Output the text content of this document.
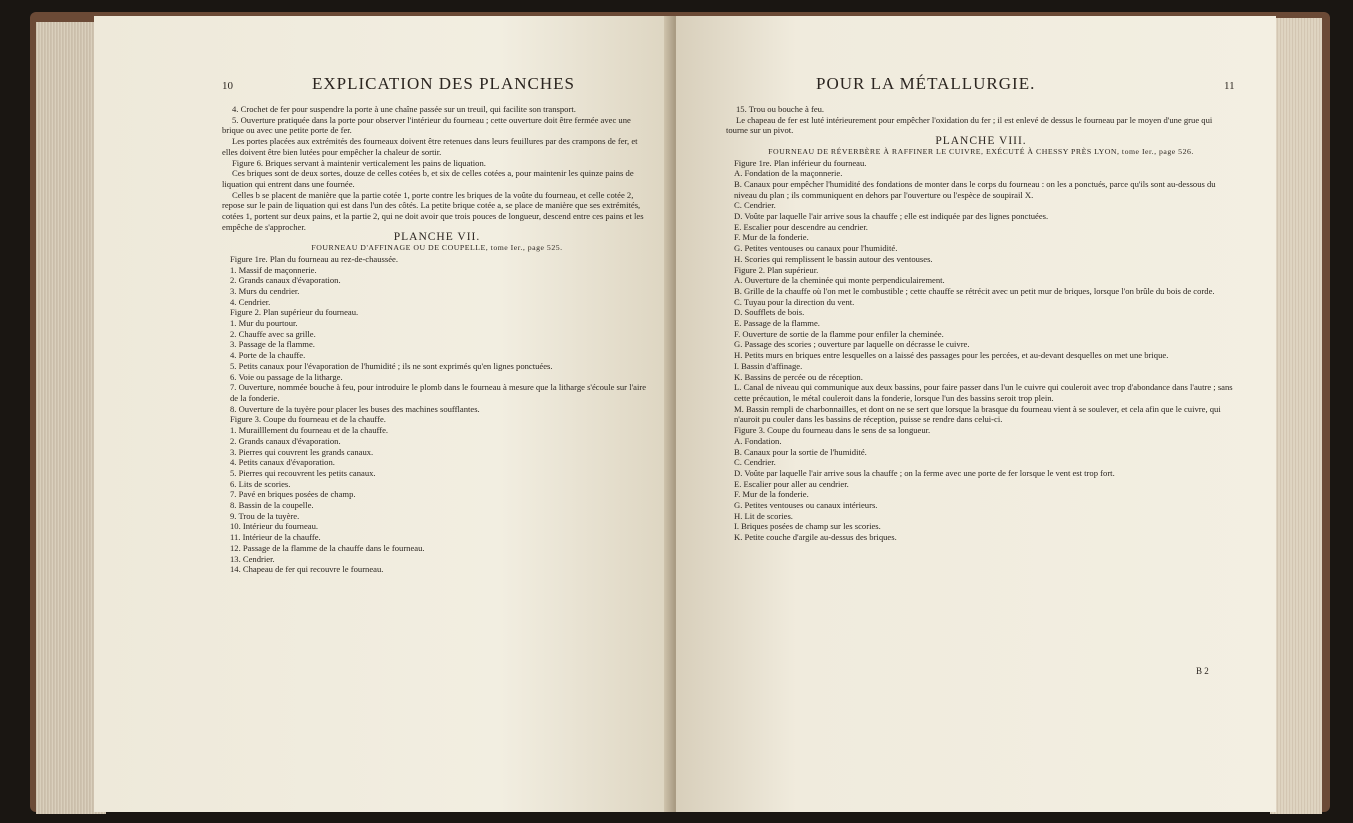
10	EXPLICATION DES PLANCHES

4. Crochet de fer pour suspendre la porte à une chaîne passée sur un treuil, qui facilite son transport.

5. Ouverture pratiquée dans la porte pour observer l'intérieur du fourneau ; cette ouverture doit être fermée avec une brique ou avec une petite porte de fer.

Les portes placées aux extrémités des fourneaux doivent être retenues dans leurs feuillures par des crampons de fer, et elles doivent être bien lutées pour empêcher la chaleur de sortir.

Figure 6. Briques servant à maintenir verticalement les pains de liquation.

Ces briques sont de deux sortes, douze de celles cotées b, et six de celles cotées a, pour maintenir les quinze pains de liquation qui entrent dans une fournée.

Celles b se placent de manière que la partie cotée 1, porte contre les briques de la voûte du fourneau, et celle cotée 2, repose sur le pain de liquation qui est dans l'un des côtés. La petite brique cotée a, se place de manière que ses extrémités, cotées 1, portent sur deux pains, et la partie 2, qui ne doit avoir que trois pouces de longueur, descend entre ces pains et les empêche de s'approcher.

PLANCHE VII.

FOURNEAU D'AFFINAGE OU DE COUPELLE, tome Ier., page 525.

Figure 1re. Plan du fourneau au rez-de-chaussée.

1. Massif de maçonnerie.

2. Grands canaux d'évaporation.

3. Murs du cendrier.

4. Cendrier.

Figure 2. Plan supérieur du fourneau.

1. Mur du pourtour.

2. Chauffe avec sa grille.

3. Passage de la flamme.

4. Porte de la chauffe.

5. Petits canaux pour l'évaporation de l'humidité ; ils ne sont exprimés qu'en lignes ponctuées.

6. Voie ou passage de la litharge.

7. Ouverture, nommée bouche à feu, pour introduire le plomb dans le fourneau à mesure que la litharge s'écoule sur l'aire de la fonderie.

8. Ouverture de la tuyère pour placer les buses des machines soufflantes.

Figure 3. Coupe du fourneau et de la chauffe.

1. Murailllement du fourneau et de la chauffe.

2. Grands canaux d'évaporation.

3. Pierres qui couvrent les grands canaux.

4. Petits canaux d'évaporation.

5. Pierres qui recouvrent les petits canaux.

6. Lits de scories.

7. Pavé en briques posées de champ.

8. Bassin de la coupelle.

9. Trou de la tuyère.

10. Intérieur du fourneau.

11. Intérieur de la chauffe.

12. Passage de la flamme de la chauffe dans le fourneau.

13. Cendrier.

14. Chapeau de fer qui recouvre le fourneau.

POUR LA MÉTALLURGIE.	11

15. Trou ou bouche à feu.

Le chapeau de fer est luté intérieurement pour empêcher l'oxidation du fer ; il est enlevé de dessus le fourneau par le moyen d'une grue qui tourne sur un pivot.

PLANCHE VIII.

FOURNEAU DE RÉVERBÈRE À RAFFINER LE CUIVRE, EXÉCUTÉ À CHESSY PRÈS LYON, tome Ier., page 526.

Figure 1re. Plan inférieur du fourneau.

A. Fondation de la maçonnerie.

B. Canaux pour empêcher l'humidité des fondations de monter dans le corps du fourneau : on les a ponctués, parce qu'ils sont au-dessous du niveau du plan ; ils communiquent en dehors par l'ouverture ou l'espèce de soupirail X.

C. Cendrier.

D. Voûte par laquelle l'air arrive sous la chauffe ; elle est indiquée par des lignes ponctuées.

E. Escalier pour descendre au cendrier.

F. Mur de la fonderie.

G. Petites ventouses ou canaux pour l'humidité.

H. Scories qui remplissent le bassin autour des ventouses.

Figure 2. Plan supérieur.

A. Ouverture de la cheminée qui monte perpendiculairement.

B. Grille de la chauffe où l'on met le combustible ; cette chauffe se rétrécit avec un petit mur de briques, lorsque l'on brûle du bois de corde.

C. Tuyau pour la direction du vent.

D. Soufflets de bois.

E. Passage de la flamme.

F. Ouverture de sortie de la flamme pour enfiler la cheminée.

G. Passage des scories ; ouverture par laquelle on décrasse le cuivre.

H. Petits murs en briques entre lesquelles on a laissé des passages pour les percées, et au-devant desquelles on met une brique.

I. Bassin d'affinage.

K. Bassins de percée ou de réception.

L. Canal de niveau qui communique aux deux bassins, pour faire passer dans l'un le cuivre qui couleroit avec trop d'abondance dans l'autre ; sans cette précaution, le métal couleroit dans la fonderie, lorsque l'un des bassins seroit trop plein.

M. Bassin rempli de charbonnailles, et dont on ne se sert que lorsque la brasque du fourneau vient à se soulever, et cela afin que le cuivre, qui n'auroit pu couler dans les bassins de réception, puisse se rendre dans celui-ci.

Figure 3. Coupe du fourneau dans le sens de sa longueur.

A. Fondation.

B. Canaux pour la sortie de l'humidité.

C. Cendrier.

D. Voûte par laquelle l'air arrive sous la chauffe ; on la ferme avec une porte de fer lorsque le vent est trop fort.

E. Escalier pour aller au cendrier.

F. Mur de la fonderie.

G. Petites ventouses ou canaux intérieurs.

H. Lit de scories.

I. Briques posées de champ sur les scories.

K. Petite couche d'argile au-dessus des briques.

B 2
